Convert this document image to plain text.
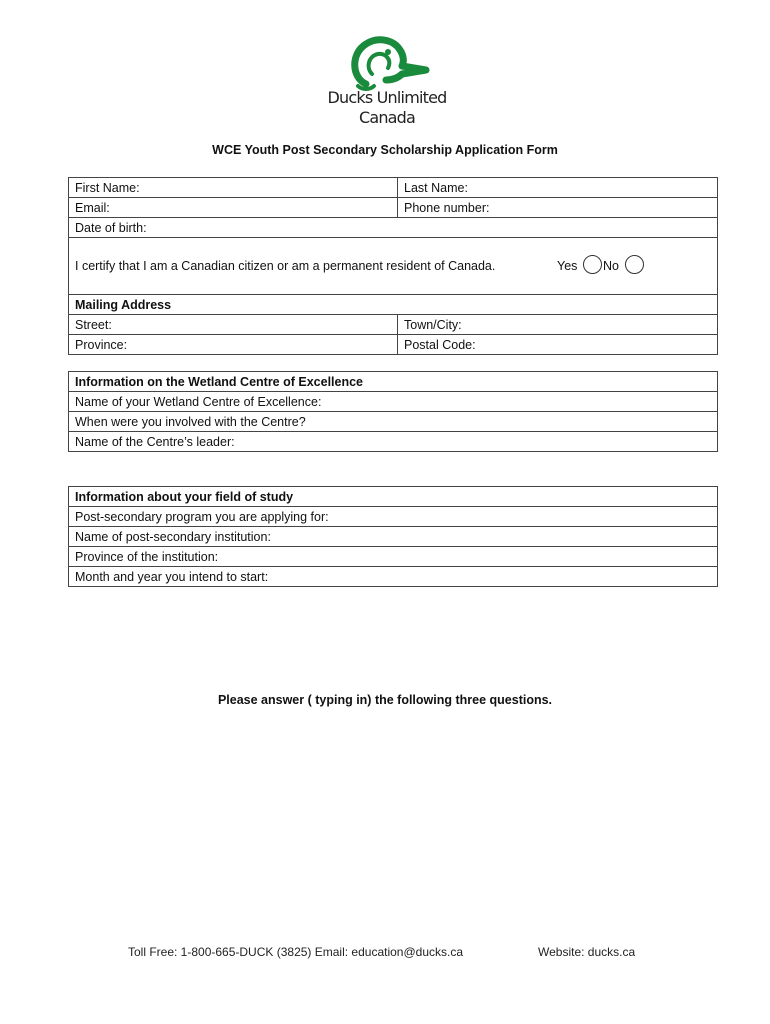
Ducks Unlimited
Canada
WCE Youth Post Secondary Scholarship Application Form
First Name:	Last Name:
Email:	Phone number:
Date of birth:	

I certify that I am a Canadian citizen or am a permanent resident of Canada. Yes No	

Mailing Address	
Street:	Town/City:
Province:	Postal Code:
Information on the Wetland Centre of Excellence
Name of your Wetland Centre of Excellence:
When were you involved with the Centre?
Name of the Centre’s leader:
Information about your field of study
Post-secondary program you are applying for:
Name of post-secondary institution:
Province of the institution:
Month and year you intend to start:
Please answer ( typing in) the following three questions.
Toll Free: 1-800-665-DUCK (3825) Email: education@ducks.ca	Website: ducks.ca
